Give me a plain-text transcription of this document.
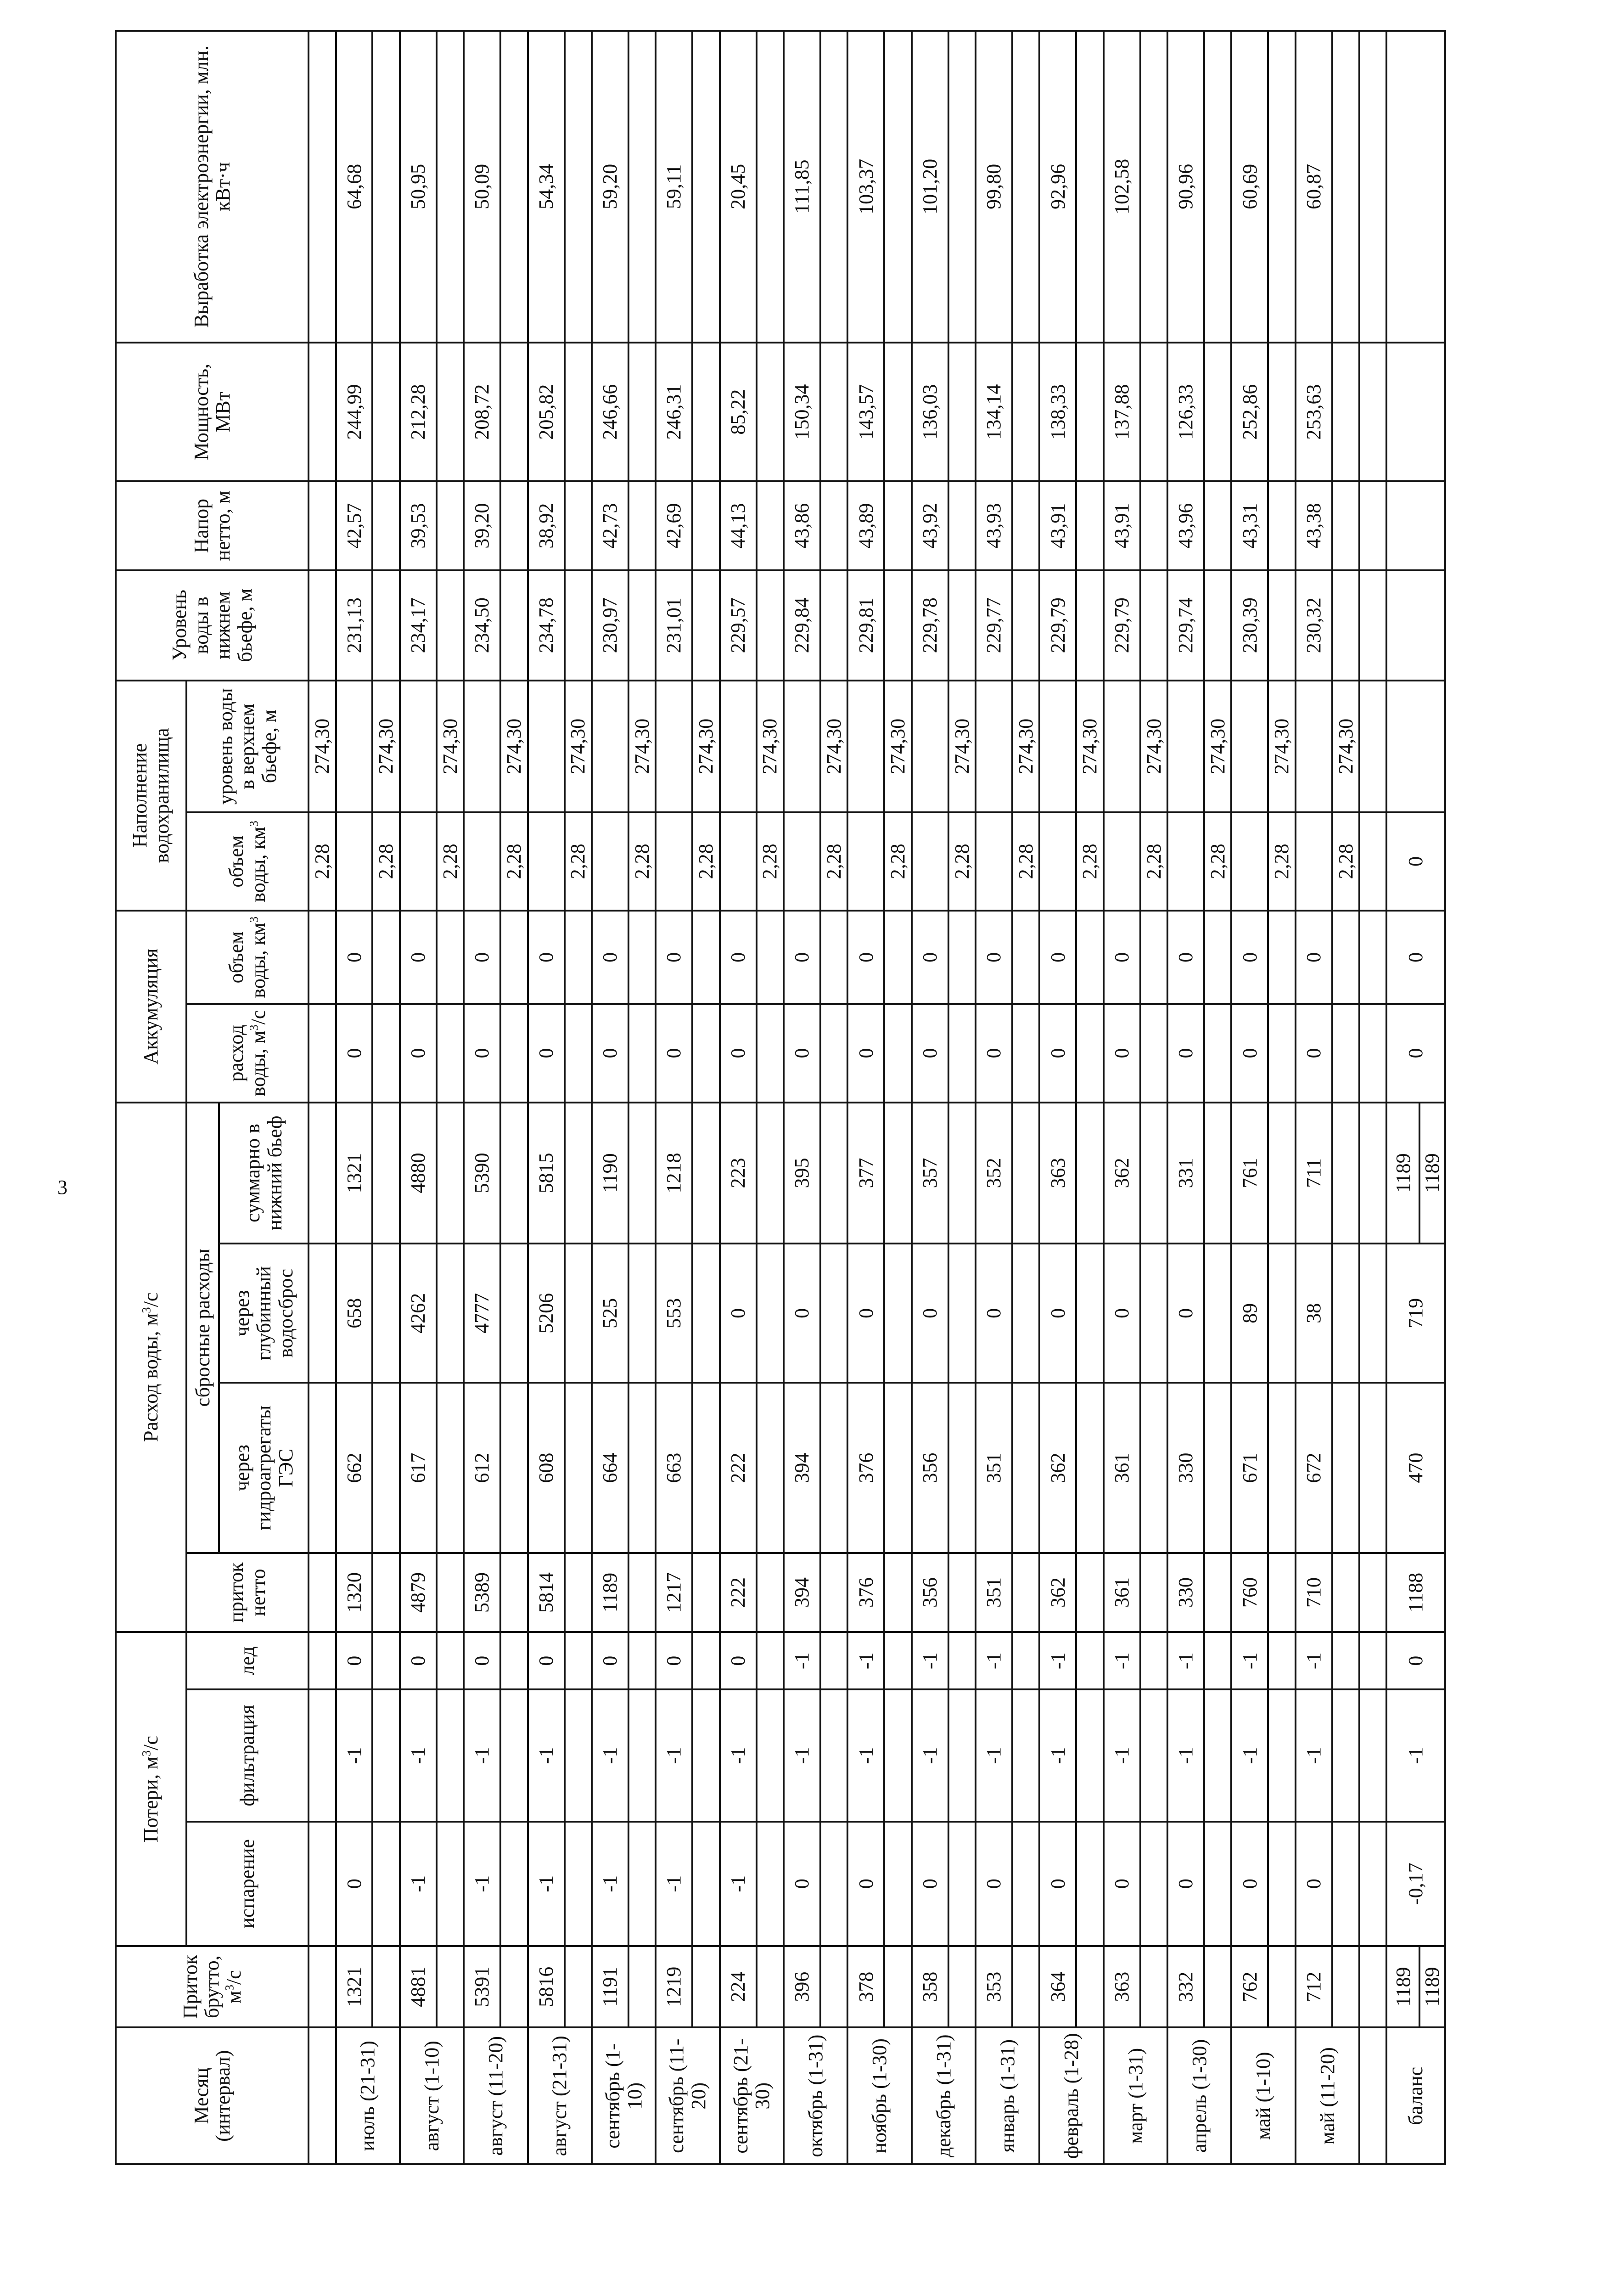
3
Месяц (интервал)	Приток брутто, $м^3/с$	Потери, $м^3/с$			Расход воды, $м^3/с$				Аккумуляция		Наполнение водохранилища		Уровень воды в нижнем бьефе, м	Напор нетто, м	Мощность, МВт	Выработка электроэнергии, млн. кВт·ч
		испарение	фильтрация	лед	приток нетто	сбросные расходы			расход воды, $м^3/с$	объем воды, $км^3$	объем воды, $км^3$	уровень воды в верхнем бьефе, м				
						через гидроагрегаты ГЭС	через глубинный водосброс	суммарно в нижний бьеф								
											2,28	274,30				
июль (21-31)	1321	0	-1	0	1320	662	658	1321	0	0			231,13	42,57	244,99	64,68
											2,28	274,30				
август (1-10)	4881	-1	-1	0	4879	617	4262	4880	0	0			234,17	39,53	212,28	50,95
											2,28	274,30				
август (11-20)	5391	-1	-1	0	5389	612	4777	5390	0	0			234,50	39,20	208,72	50,09
											2,28	274,30				
август (21-31)	5816	-1	-1	0	5814	608	5206	5815	0	0			234,78	38,92	205,82	54,34
											2,28	274,30				
сентябрь (1-10)	1191	-1	-1	0	1189	664	525	1190	0	0			230,97	42,73	246,66	59,20
											2,28	274,30				
сентябрь (11-20)	1219	-1	-1	0	1217	663	553	1218	0	0			231,01	42,69	246,31	59,11
											2,28	274,30				
сентябрь (21-30)	224	-1	-1	0	222	222	0	223	0	0			229,57	44,13	85,22	20,45
											2,28	274,30				
октябрь (1-31)	396	0	-1	-1	394	394	0	395	0	0			229,84	43,86	150,34	111,85
											2,28	274,30				
ноябрь (1-30)	378	0	-1	-1	376	376	0	377	0	0			229,81	43,89	143,57	103,37
											2,28	274,30				
декабрь (1-31)	358	0	-1	-1	356	356	0	357	0	0			229,78	43,92	136,03	101,20
											2,28	274,30				
январь (1-31)	353	0	-1	-1	351	351	0	352	0	0			229,77	43,93	134,14	99,80
											2,28	274,30				
февраль (1-28)	364	0	-1	-1	362	362	0	363	0	0			229,79	43,91	138,33	92,96
											2,28	274,30				
март (1-31)	363	0	-1	-1	361	361	0	362	0	0			229,79	43,91	137,88	102,58
											2,28	274,30				
апрель (1-30)	332	0	-1	-1	330	330	0	331	0	0			229,74	43,96	126,33	90,96
											2,28	274,30				
май (1-10)	762	0	-1	-1	760	671	89	761	0	0			230,39	43,31	252,86	60,69
											2,28	274,30				
май (11-20)	712	0	-1	-1	710	672	38	711	0	0			230,32	43,38	253,63	60,87
											2,28	274,30				

баланс	1189	-0,17	-1	0	1188	470	719	1189	0	0	0					
	1189							1189								
